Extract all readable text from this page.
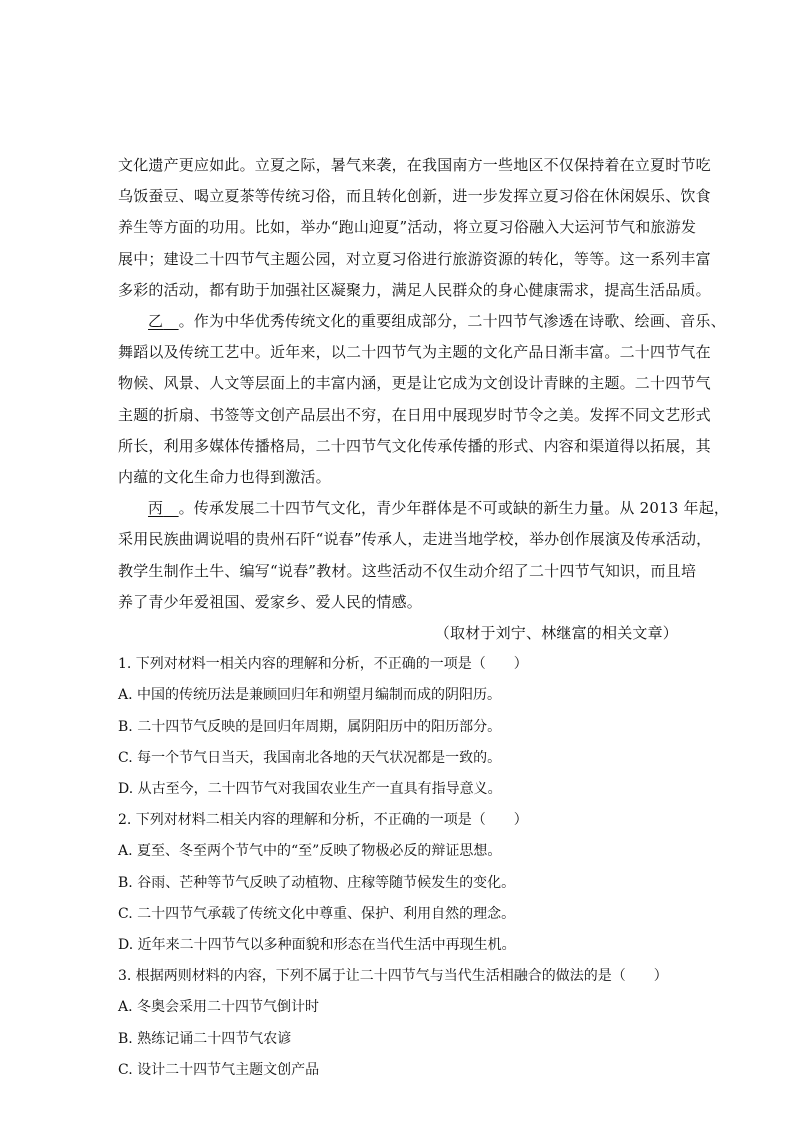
文化遗产更应如此。立夏之际，暑气来袭，在我国南方一些地区不仅保持着在立夏时节吃
乌饭蚕豆、喝立夏茶等传统习俗，而且转化创新，进一步发挥立夏习俗在休闲娱乐、饮食
养生等方面的功用。比如，举办“跑山迎夏”活动，将立夏习俗融入大运河节气和旅游发
展中；建设二十四节气主题公园，对立夏习俗进行旅游资源的转化，等等。这一系列丰富
多彩的活动，都有助于加强社区凝聚力，满足人民群众的身心健康需求，提高生活品质。
乙__。作为中华优秀传统文化的重要组成部分，二十四节气渗透在诗歌、绘画、音乐、
舞蹈以及传统工艺中。近年来，以二十四节气为主题的文化产品日渐丰富。二十四节气在
物候、风景、人文等层面上的丰富内涵，更是让它成为文创设计青睐的主题。二十四节气
主题的折扇、书签等文创产品层出不穷，在日用中展现岁时节令之美。发挥不同文艺形式
所长，利用多媒体传播格局，二十四节气文化传承传播的形式、内容和渠道得以拓展，其
内蕴的文化生命力也得到激活。
丙__。传承发展二十四节气文化，青少年群体是不可或缺的新生力量。从 2013 年起，
采用民族曲调说唱的贵州石阡“说春”传承人，走进当地学校，举办创作展演及传承活动，
教学生制作土牛、编写“说春”教材。这些活动不仅生动介绍了二十四节气知识，而且培
养了青少年爱祖国、爱家乡、爱人民的情感。
（取材于刘宁、林继富的相关文章）
1. 下列对材料一相关内容的理解和分析，不正确的一项是（　　）
A. 中国的传统历法是兼顾回归年和朔望月编制而成的阴阳历。
B. 二十四节气反映的是回归年周期，属阴阳历中的阳历部分。
C. 每一个节气日当天，我国南北各地的天气状况都是一致的。
D. 从古至今，二十四节气对我国农业生产一直具有指导意义。
2. 下列对材料二相关内容的理解和分析，不正确的一项是（　　）
A. 夏至、冬至两个节气中的“至”反映了物极必反的辩证思想。
B. 谷雨、芒种等节气反映了动植物、庄稼等随节候发生的变化。
C. 二十四节气承载了传统文化中尊重、保护、利用自然的理念。
D. 近年来二十四节气以多种面貌和形态在当代生活中再现生机。
3. 根据两则材料的内容，下列不属于让二十四节气与当代生活相融合的做法的是（　　）
A. 冬奥会采用二十四节气倒计时
B. 熟练记诵二十四节气农谚
C. 设计二十四节气主题文创产品
